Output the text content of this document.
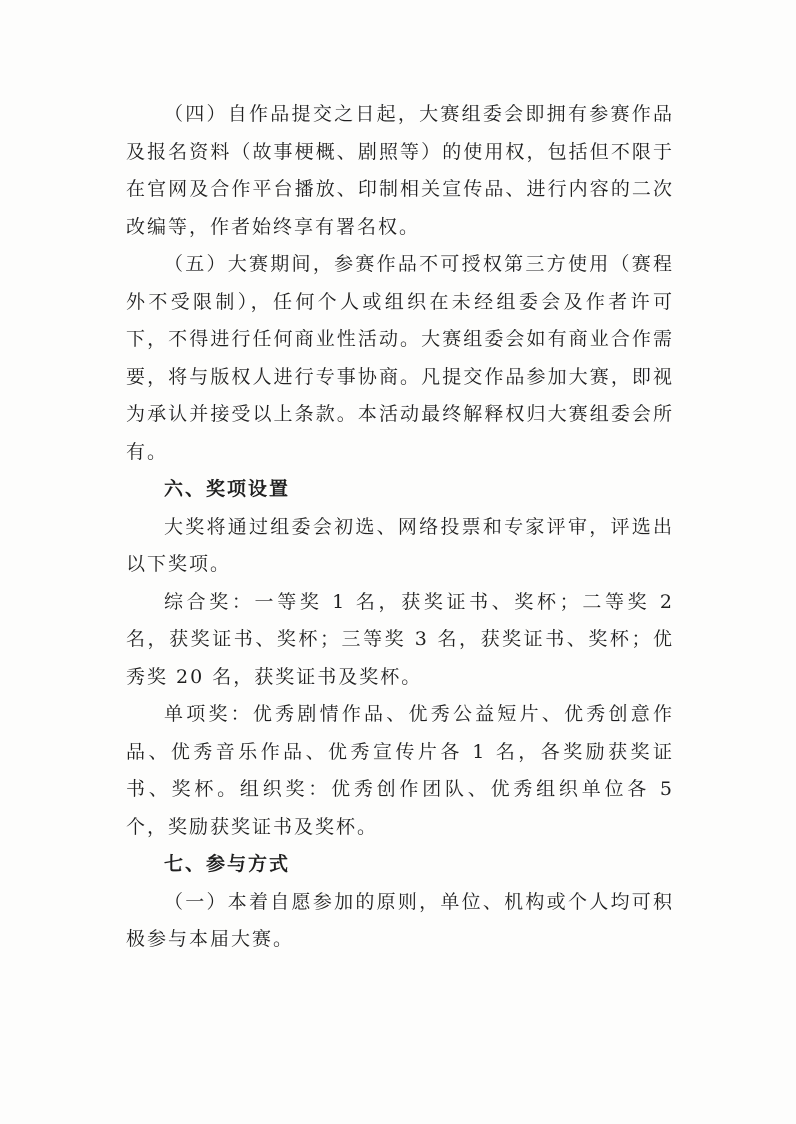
（四）自作品提交之日起，大赛组委会即拥有参赛作品及报名资料（故事梗概、剧照等）的使用权，包括但不限于在官网及合作平台播放、印制相关宣传品、进行内容的二次改编等，作者始终享有署名权。

（五）大赛期间，参赛作品不可授权第三方使用（赛程外不受限制），任何个人或组织在未经组委会及作者许可下，不得进行任何商业性活动。大赛组委会如有商业合作需要，将与版权人进行专事协商。凡提交作品参加大赛，即视为承认并接受以上条款。本活动最终解释权归大赛组委会所有。

六、奖项设置

大奖将通过组委会初选、网络投票和专家评审，评选出以下奖项。

综合奖：一等奖 1 名，获奖证书、奖杯；二等奖 2 名，获奖证书、奖杯；三等奖 3 名，获奖证书、奖杯；优秀奖 20 名，获奖证书及奖杯。

单项奖：优秀剧情作品、优秀公益短片、优秀创意作品、优秀音乐作品、优秀宣传片各 1 名，各奖励获奖证书、奖杯。组织奖：优秀创作团队、优秀组织单位各 5 个，奖励获奖证书及奖杯。

七、参与方式

（一）本着自愿参加的原则，单位、机构或个人均可积极参与本届大赛。
